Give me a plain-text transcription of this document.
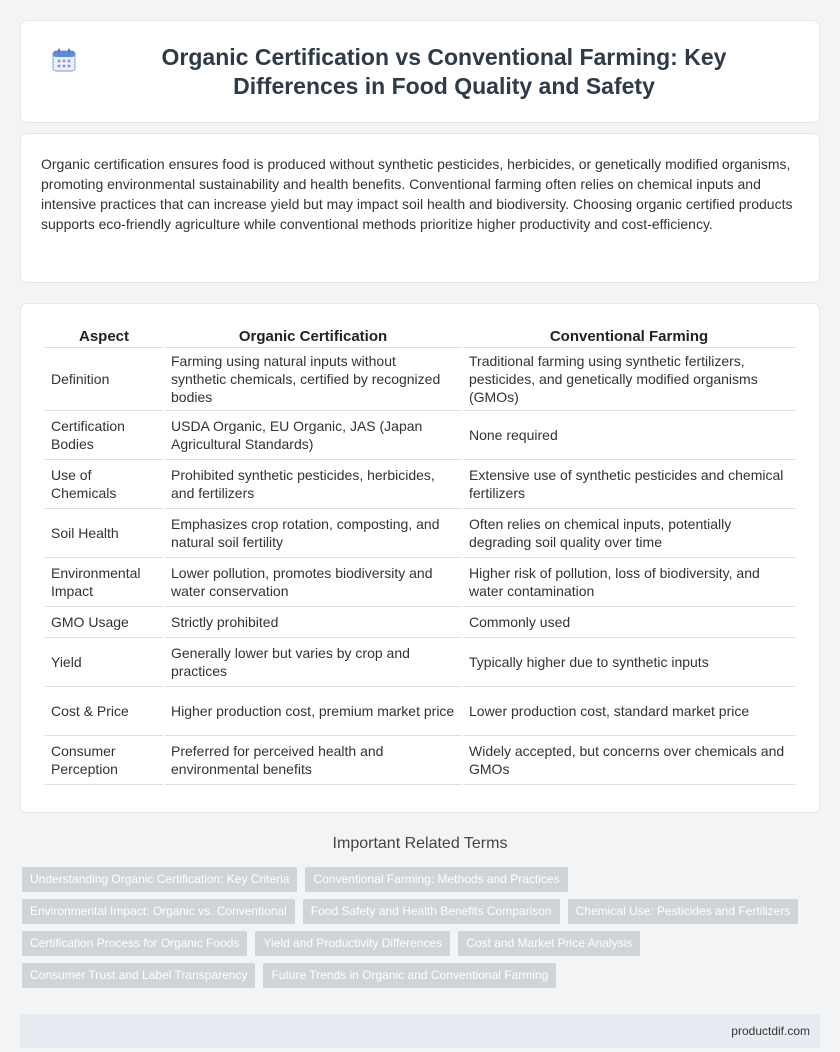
Organic Certification vs Conventional Farming: Key Differences in Food Quality and Safety

Organic certification ensures food is produced without synthetic pesticides, herbicides, or genetically modified organisms, promoting environmental sustainability and health benefits. Conventional farming often relies on chemical inputs and intensive practices that can increase yield but may impact soil health and biodiversity. Choosing organic certified products supports eco-friendly agriculture while conventional methods prioritize higher productivity and cost-efficiency.

Aspect	Organic Certification	Conventional Farming
Definition	Farming using natural inputs without synthetic chemicals, certified by recognized bodies	Traditional farming using synthetic fertilizers, pesticides, and genetically modified organisms (GMOs)
Certification Bodies	USDA Organic, EU Organic, JAS (Japan Agricultural Standards)	None required
Use of Chemicals	Prohibited synthetic pesticides, herbicides, and fertilizers	Extensive use of synthetic pesticides and chemical fertilizers
Soil Health	Emphasizes crop rotation, composting, and natural soil fertility	Often relies on chemical inputs, potentially degrading soil quality over time
Environmental Impact	Lower pollution, promotes biodiversity and water conservation	Higher risk of pollution, loss of biodiversity, and water contamination
GMO Usage	Strictly prohibited	Commonly used
Yield	Generally lower but varies by crop and practices	Typically higher due to synthetic inputs
Cost & Price	Higher production cost, premium market price	Lower production cost, standard market price
Consumer Perception	Preferred for perceived health and environmental benefits	Widely accepted, but concerns over chemicals and GMOs
Important Related Terms
Understanding Organic Certification: Key Criteria	Conventional Farming: Methods and Practices
Environmental Impact: Organic vs. Conventional	Food Safety and Health Benefits Comparison	Chemical Use: Pesticides and Fertilizers
Certification Process for Organic Foods	Yield and Productivity Differences	Cost and Market Price Analysis
Consumer Trust and Label Transparency	Future Trends in Organic and Conventional Farming
productdif.com
